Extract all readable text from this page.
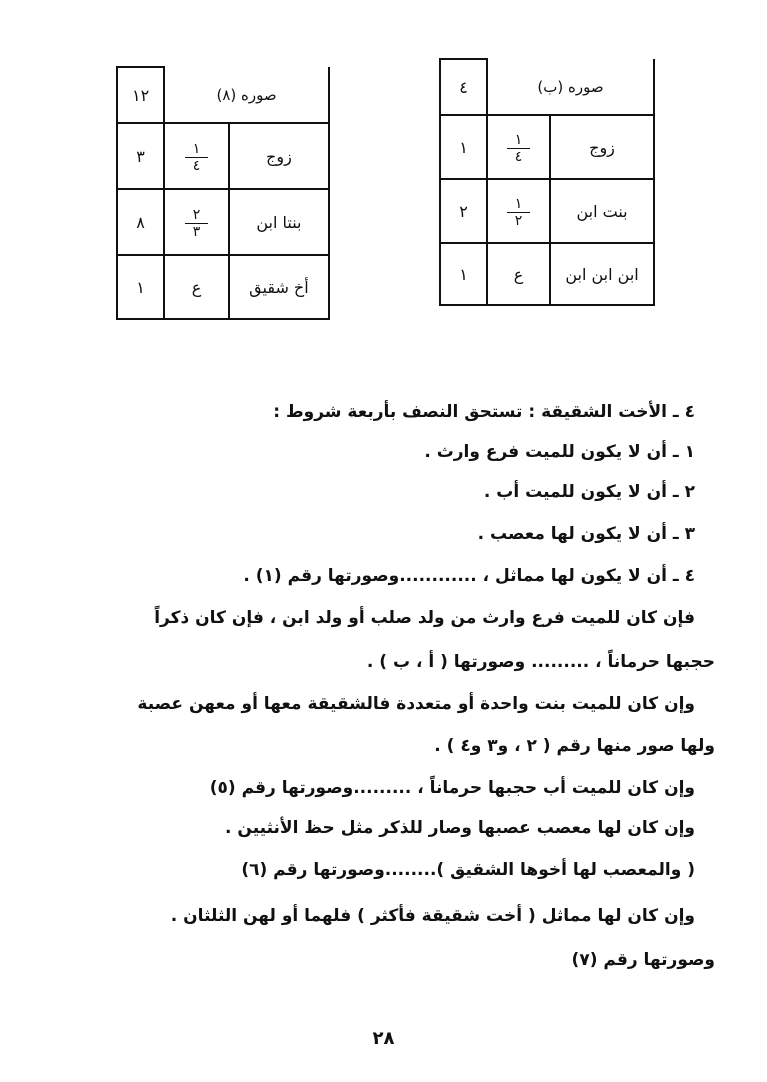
صوره (٨)		١٢
زوج	$\frac{١}{٤}$	٣
بنتا ابن	$\frac{٢}{٣}$	٨
أخ شقيق	ع	١
صوره (ب)		٤
زوج	$\frac{١}{٤}$	١
بنت ابن	$\frac{١}{٢}$	٢
ابن ابن ابن	ع	١
٤ ـ الأخت الشقيقة : تستحق النصف بأربعة شروط :
١ ـ أن لا يكون للميت فرع وارث .
٢ ـ أن لا يكون للميت أب .
٣ ـ أن لا يكون لها معصب .
٤ ـ أن لا يكون لها مماثل ، ............وصورتها رقم (١) .
فإن كان للميت فرع وارث من ولد صلب أو ولد ابن ، فإن كان ذكراً
حجبها حرماناً ، ......... وصورتها ( أ ، ب ) .
وإن كان للميت بنت واحدة أو متعددة فالشقيقة معها أو معهن عصبة
ولها صور منها رقم ( ٢ ، و٣ و٤ ) .
وإن كان للميت أب حجبها حرماناً ، .........وصورتها رقم (٥)
وإن كان لها معصب عصبها وصار للذكر مثل حظ الأنثيين .
( والمعصب لها أخوها الشقيق )........وصورتها رقم (٦)
وإن كان لها مماثل ( أخت شقيقة فأكثر ) فلهما أو لهن الثلثان .
وصورتها رقم (٧)
٢٨
